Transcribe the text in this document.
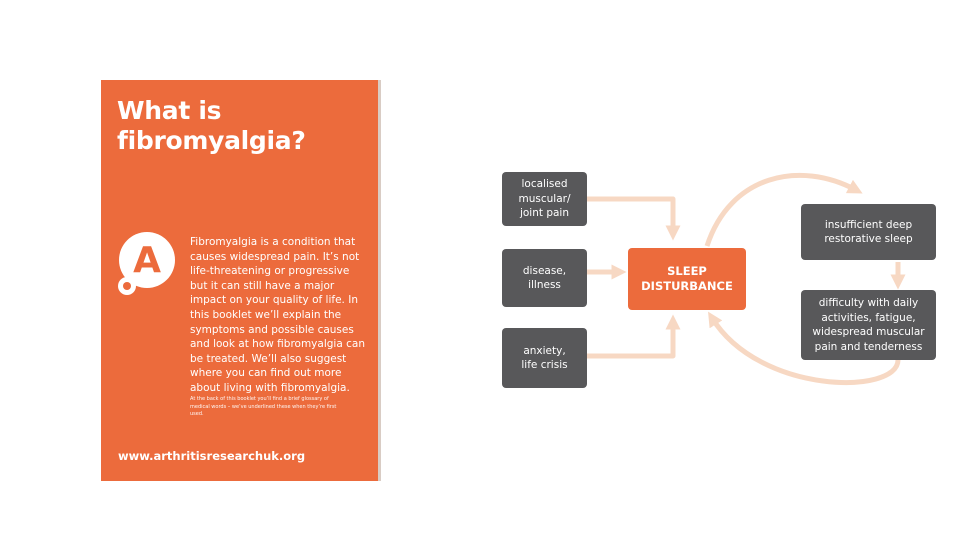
What is fibromyalgia?
A	Fibromyalgia is a condition that causes widespread pain. It’s not life-threatening or progressive but it can still have a major impact on your quality of life. In this booklet we’ll explain the symptoms and possible causes and look at how fibromyalgia can be treated. We’ll also suggest where you can find out more about living with fibromyalgia.

At the back of this booklet you’ll find a brief glossary of medical words – we’ve underlined these when they’re first used.

www.arthritisresearchuk.org

localised
muscular/
joint pain
disease,
illness
anxiety,
life crisis
SLEEP
DISTURBANCE
insufficient deep
restorative sleep
difficulty with daily
activities, fatigue,
widespread muscular
pain and tenderness
